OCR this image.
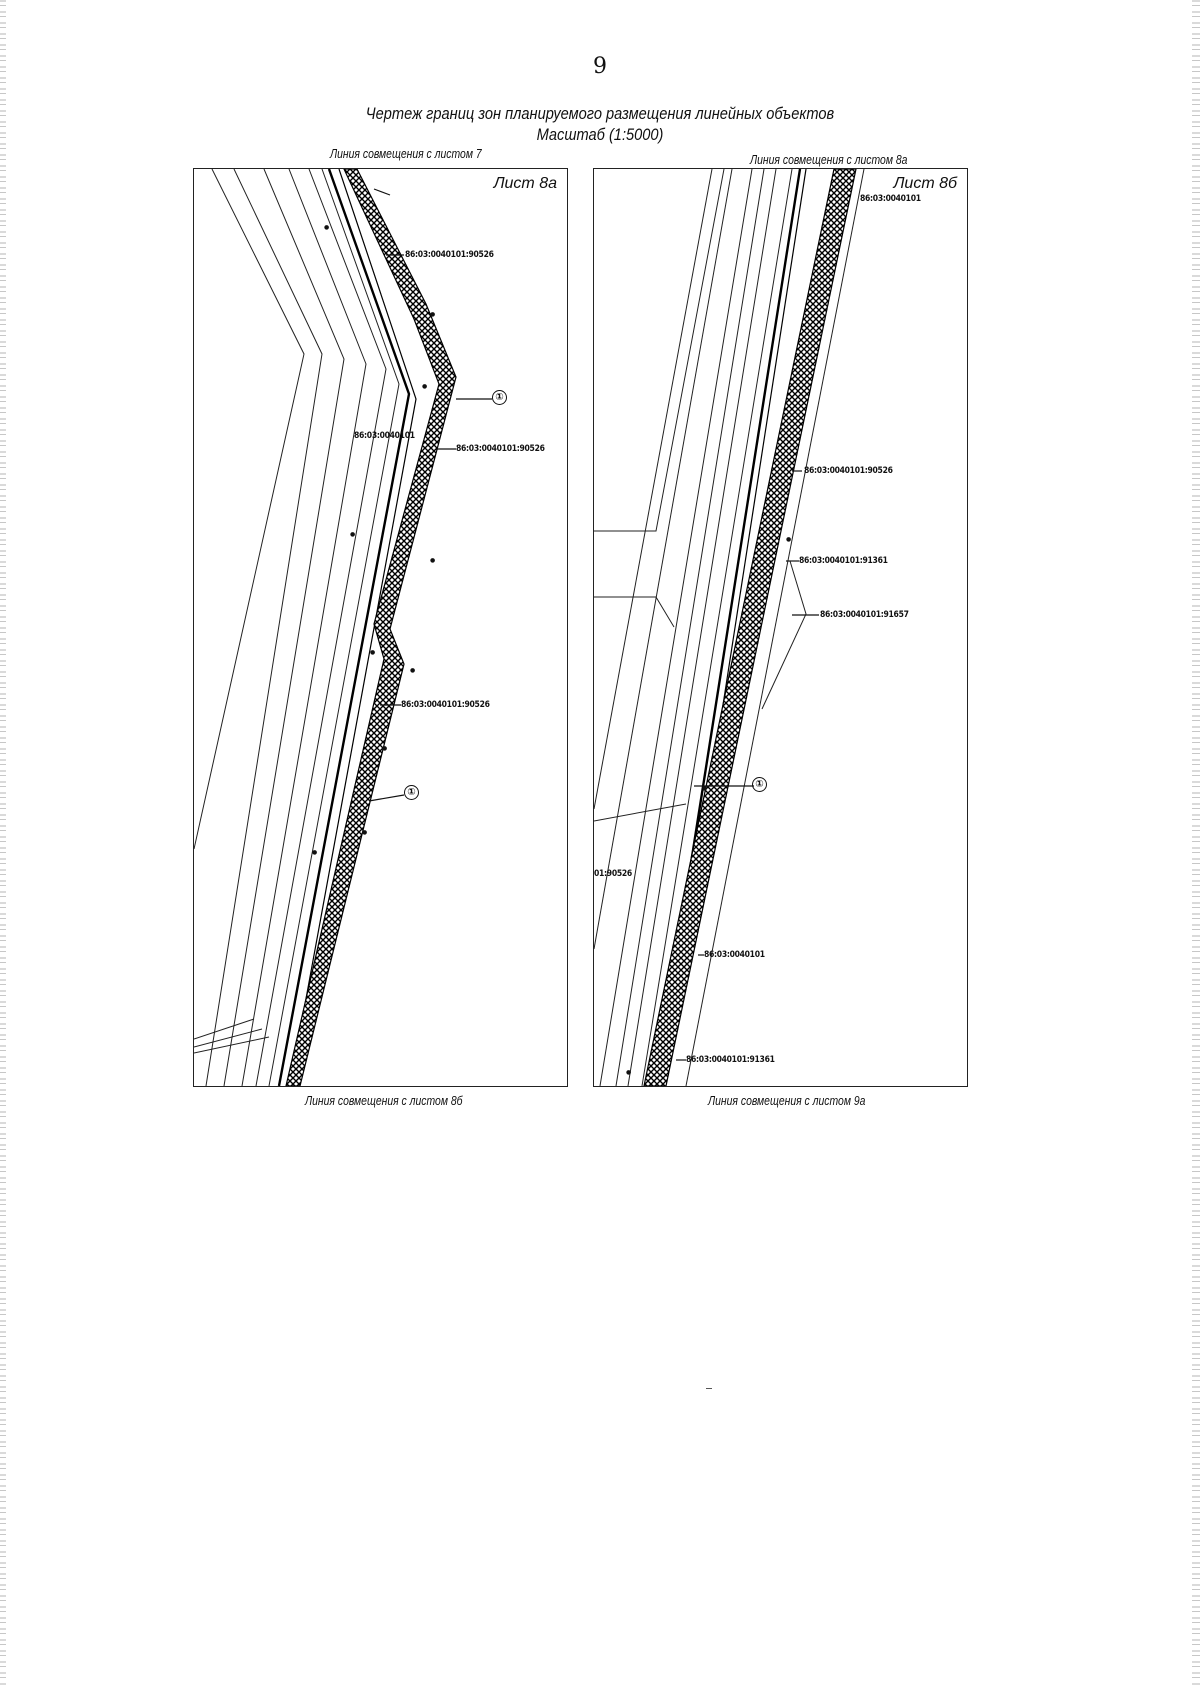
9
Чертеж границ зон планируемого размещения линейных объектов
Масштаб (1:5000)
Линия совмещения с листом 7	Линия совмещения с листом 8а
Линия совмещения с листом 8б	Линия совмещения с листом 9а
Лист 8а
86:03:0040101:90526
86:03:0040101
86:03:0040101:90526
86:03:0040101:90526
①
①
●
●
●
●
●
●
●
●
●
●
Лист 8б
86:03:0040101
86:03:0040101:90526
86:03:0040101:91361
86:03:0040101:91657
01:90526
86:03:0040101
86:03:0040101:91361
①
●
●
●
